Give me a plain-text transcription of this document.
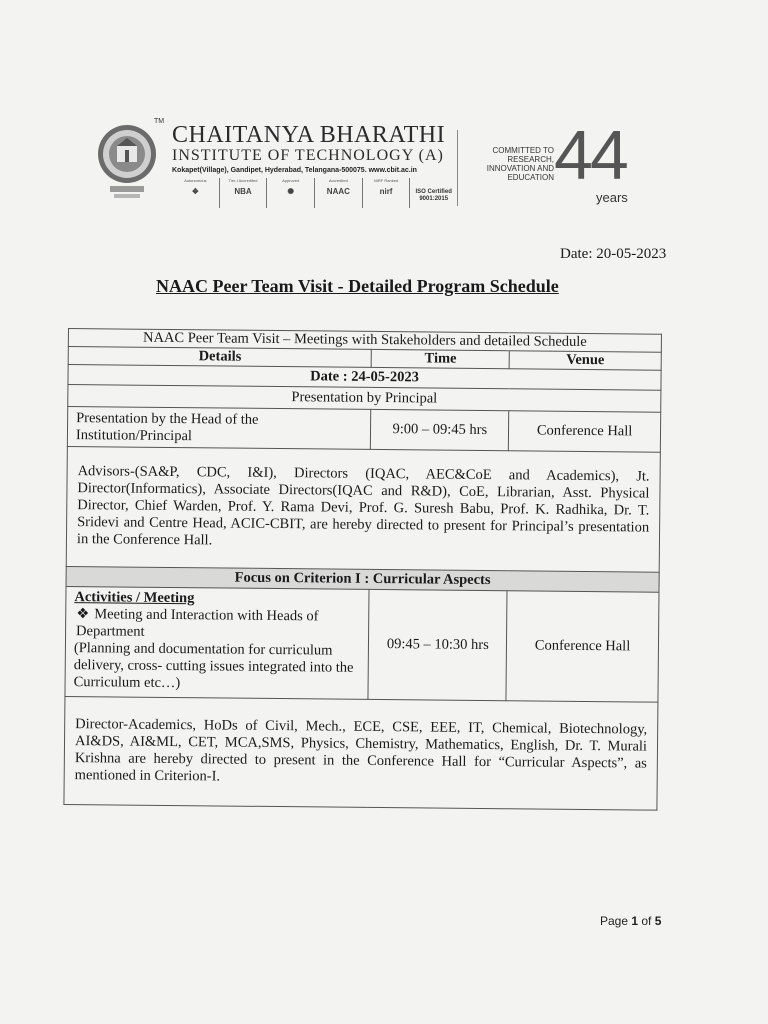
TM
CHAITANYA BHARATHI
INSTITUTE OF TECHNOLOGY (A)
Kokapet(Village), Gandipet, Hyderabad, Telangana-500075. www.cbit.ac.in
Autonomous
❖
Tier-I Accredited
NBA
Approved
✺
Accredited
NAAC
NIRF Ranked
nirf	ISO Certified 9001:2015
COMMITTED TO RESEARCH, INNOVATION AND EDUCATION 44
years
Date: 20-05-2023
NAAC Peer Team Visit - Detailed Program Schedule
NAAC Peer Team Visit – Meetings with Stakeholders and detailed Schedule		
Details	Time	Venue
Date : 24-05-2023		
Presentation by Principal		
Presentation by the Head of the Institution/Principal	9:00 – 09:45 hrs	Conference Hall
Advisors-(SA&P, CDC, I&I), Directors (IQAC, AEC&CoE and Academics), Jt. Director(Informatics), Associate Directors(IQAC and R&D), CoE, Librarian, Asst. Physical Director, Chief Warden, Prof. Y. Rama Devi, Prof. G. Suresh Babu, Prof. K. Radhika, Dr. T. Sridevi and Centre Head, ACIC-CBIT, are hereby directed to present for Principal’s presentation in the Conference Hall.		
Focus on Criterion I : Curricular Aspects		

Activities / Meeting
❖ Meeting and Interaction with Heads of Department
(Planning and documentation for curriculum delivery, cross- cutting issues integrated into the Curriculum etc…)	09:45 – 10:30 hrs	Conference Hall
Director-Academics, HoDs of Civil, Mech., ECE, CSE, EEE, IT, Chemical, Biotechnology, AI&DS, AI&ML, CET, MCA,SMS, Physics, Chemistry, Mathematics, English, Dr. T. Murali Krishna are hereby directed to present in the Conference Hall for “Curricular Aspects”, as mentioned in Criterion-I.		
Page 1 of 5
